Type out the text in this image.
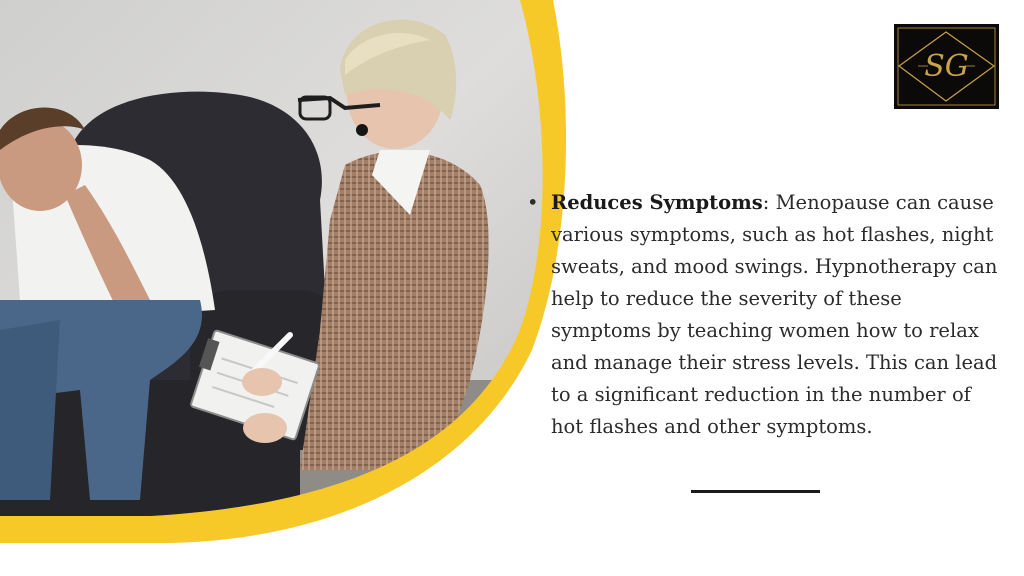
SG
• Reduces Symptoms: Menopause can cause various symptoms, such as hot flashes, night sweats, and mood swings. Hypnotherapy can help to reduce the severity of these symptoms by teaching women how to relax and manage their stress levels. This can lead to a significant reduction in the number of hot flashes and other symptoms.
